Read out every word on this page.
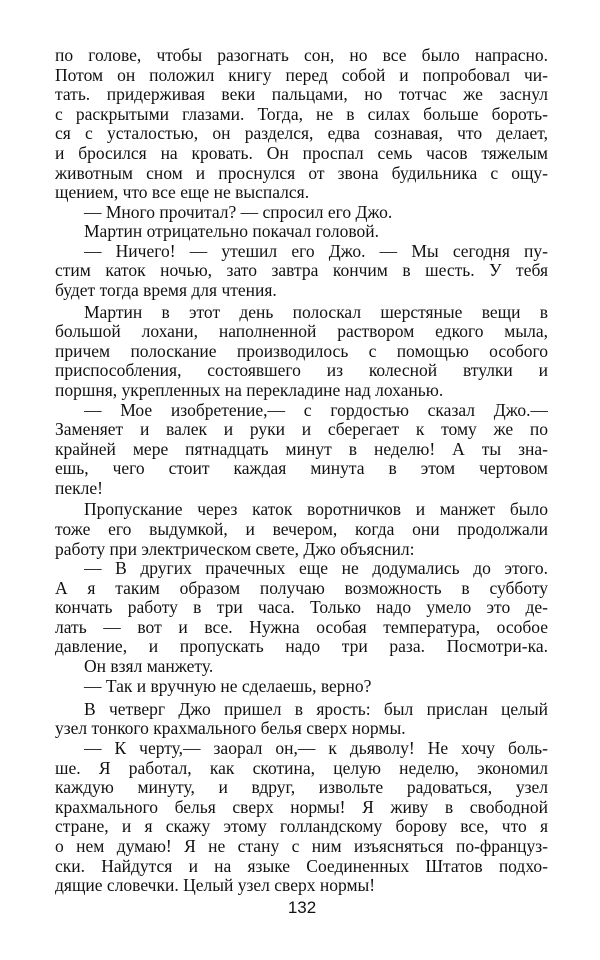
по голове, чтобы разогнать сон, но все было напрасно.
Потом он положил книгу перед собой и попробовал чи-
тать. придерживая веки пальцами, но тотчас же заснул
с раскрытыми глазами. Тогда, не в силах больше бороть-
ся с усталостью, он разделся, едва сознавая, что делает,
и бросился на кровать. Он проспал семь часов тяжелым
животным сном и проснулся от звона будильника с ощу-
щением, что все еще не выспался.
— Много прочитал? — спросил его Джо.
Мартин отрицательно покачал головой.
— Ничего! — утешил его Джо. — Мы сегодня пу-
стим каток ночью, зато завтра кончим в шесть. У тебя
будет тогда время для чтения.
Мартин в этот день полоскал шерстяные вещи в
большой лохани, наполненной раствором едкого мыла,
причем полоскание производилось с помощью особого
приспособления, состоявшего из колесной втулки и
поршня, укрепленных на перекладине над лоханью.
— Мое изобретение,— с гордостью сказал Джо.—
Заменяет и валек и руки и сберегает к тому же по
крайней мере пятнадцать минут в неделю! А ты зна-
ешь, чего стоит каждая минута в этом чертовом
пекле!
Пропускание через каток воротничков и манжет было
тоже его выдумкой, и вечером, когда они продолжали
работу при электрическом свете, Джо объяснил:
— В других прачечных еще не додумались до этого.
А я таким образом получаю возможность в субботу
кончать работу в три часа. Только надо умело это де-
лать — вот и все. Нужна особая температура, особое
давление, и пропускать надо три раза. Посмотри-ка.
Он взял манжету.
— Так и вручную не сделаешь, верно?
В четверг Джо пришел в ярость: был прислан целый
узел тонкого крахмального белья сверх нормы.
— К черту,— заорал он,— к дьяволу! Не хочу боль-
ше. Я работал, как скотина, целую неделю, экономил
каждую минуту, и вдруг, извольте радоваться, узел
крахмального белья сверх нормы! Я живу в свободной
стране, и я скажу этому голландскому борову все, что я
о нем думаю! Я не стану с ним изъясняться по-француз-
ски. Найдутся и на языке Соединенных Штатов подхо-
дящие словечки. Целый узел сверх нормы!
132
